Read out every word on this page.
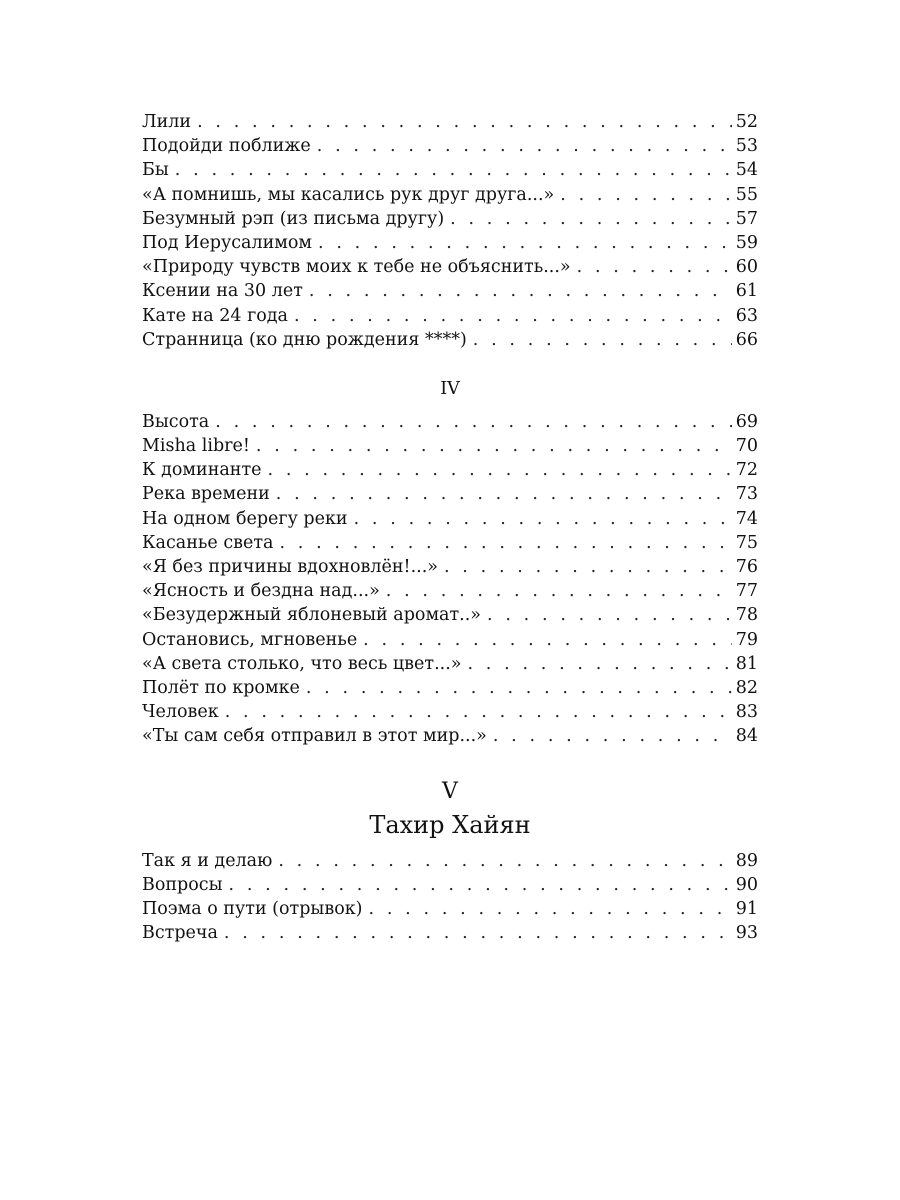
Лили . . .	52
Подойди поближе . . .	53
Бы . . .	54
«А помнишь, мы касались рук друг друга...» . . .	55
Безумный рэп (из письма другу) . . .	57
Под Иерусалимом . . .	59
«Природу чувств моих к тебе не объяснить...» . . .	60
Ксении на 30 лет . . .	61
Кате на 24 года . . .	63
Странница (ко дню рождения ****) . . .	66
IV
Высота . . .	69
Misha libre! . . .	70
К доминанте . . .	72
Река времени . . .	73
На одном берегу реки . . .	74
Касанье света . . .	75
«Я без причины вдохновлён!...» . . .	76
«Ясность и бездна над...» . . .	77
«Безудержный яблоневый аромат..» . . .	78
Остановись, мгновенье . . .	79
«А света столько, что весь цвет...» . . .	81
Полёт по кромке . . .	82
Человек . . .	83
«Ты сам себя отправил в этот мир...» . . .	84
V
Тахир Хайян
Так я и делаю . . .	89
Вопросы . . .	90
Поэма о пути (отрывок) . . .	91
Встреча . . .	93
